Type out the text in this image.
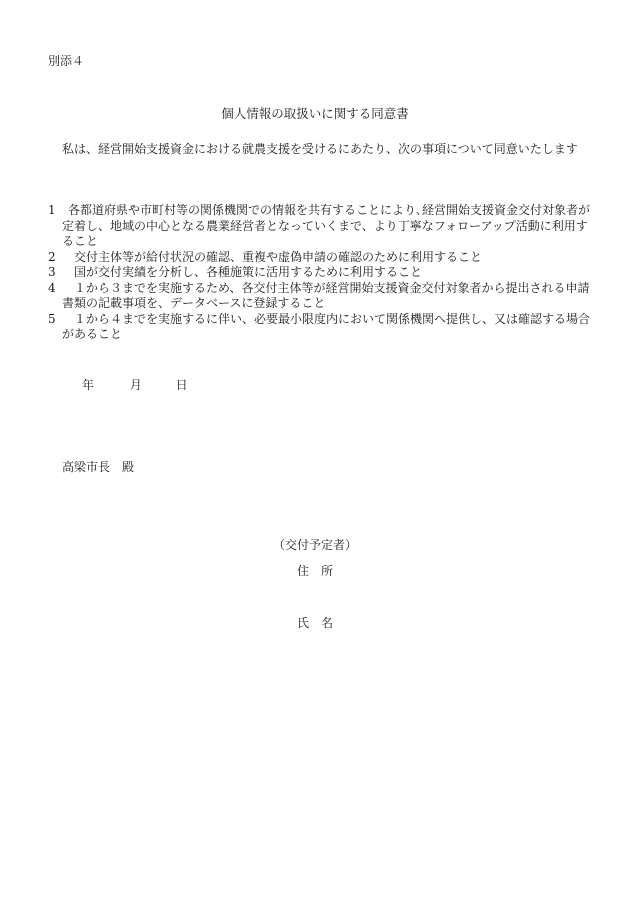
別添４
個人情報の取扱いに関する同意書
私は、経営開始支援資金における就農支援を受けるにあたり、次の事項について同意いたします
1	各都道府県や市町村等の関係機関での情報を共有することにより､経営開始支援資金交付対象者が定着し、地域の中心となる農業経営者となっていくまで、より丁寧なフォローアップ活動に利用すること
2	交付主体等が給付状況の確認、重複や虚偽申請の確認のために利用すること
3	国が交付実績を分析し、各種施策に活用するために利用すること
4	１から３までを実施するため、各交付主体等が経営開始支援資金交付対象者から提出される申請書類の記載事項を、データベースに登録すること
5	１から４までを実施するに伴い、必要最小限度内において関係機関へ提供し、又は確認する場合があること
年	月	日
高梁市長　殿
（交付予定者）
住　所
氏　名
